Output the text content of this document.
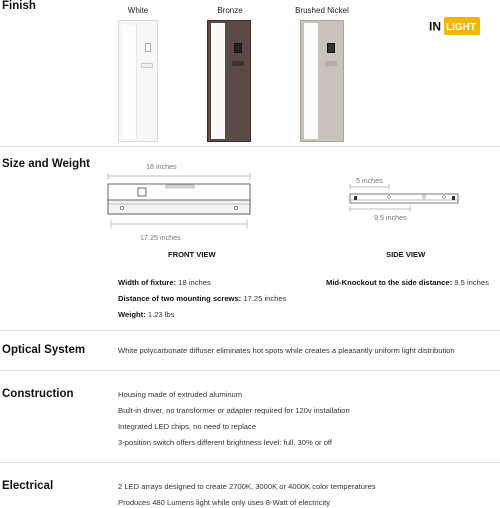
Finish	White	Bronze	Brushed Nickel
IN LIGHT
Size and Weight	18 inches
17.25 inches
5 inches
9.5 inches
FRONT VIEW	SIDE VIEW
Width of fixture: 18 inches
Distance of two mounting screws: 17.25 inches
Weight: 1.23 lbs
Mid-Knockout to the side distance: 9.5 inches
Optical System	White polycarbonate diffuser eliminates hot spots while creates a pleasantly uniform light distribution
Construction	Housing made of extruded aluminum
Built-in driver, no transformer or adapter required for 120v installation
Integrated LED chips, no need to replace
3-position switch offers different brightness level: full, 30% or off
Electrical	2 LED arrays designed to create 2700K, 3000K or 4000K color temperatures
Produces 480 Lumens light while only uses 8-Watt of electricity
